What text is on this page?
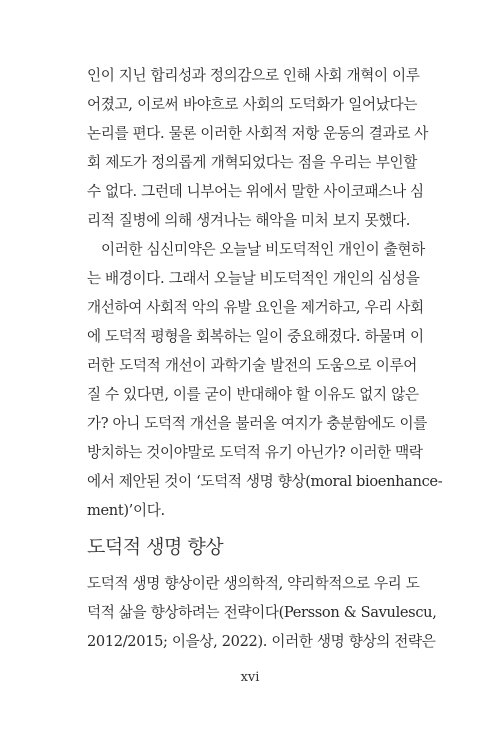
인이 지닌 합리성과 정의감으로 인해 사회 개혁이 이루
어졌고, 이로써 바야흐로 사회의 도덕화가 일어났다는
논리를 편다. 물론 이러한 사회적 저항 운동의 결과로 사
회 제도가 정의롭게 개혁되었다는 점을 우리는 부인할
수 없다. 그런데 니부어는 위에서 말한 사이코패스나 심
리적 질병에 의해 생겨나는 해악을 미처 보지 못했다.
이러한 심신미약은 오늘날 비도덕적인 개인이 출현하
는 배경이다. 그래서 오늘날 비도덕적인 개인의 심성을
개선하여 사회적 악의 유발 요인을 제거하고, 우리 사회
에 도덕적 평형을 회복하는 일이 중요해졌다. 하물며 이
러한 도덕적 개선이 과학기술 발전의 도움으로 이루어
질 수 있다면, 이를 굳이 반대해야 할 이유도 없지 않은
가? 아니 도덕적 개선을 불러올 여지가 충분함에도 이를
방치하는 것이야말로 도덕적 유기 아닌가? 이러한 맥락
에서 제안된 것이 ‘도덕적 생명 향상(moral bioenhance-
ment)’이다.
도덕적 생명 향상
도덕적 생명 향상이란 생의학적, 약리학적으로 우리 도
덕적 삶을 향상하려는 전략이다(Persson & Savulescu,
2012/2015; 이을상, 2022). 이러한 생명 향상의 전략은
xvi
